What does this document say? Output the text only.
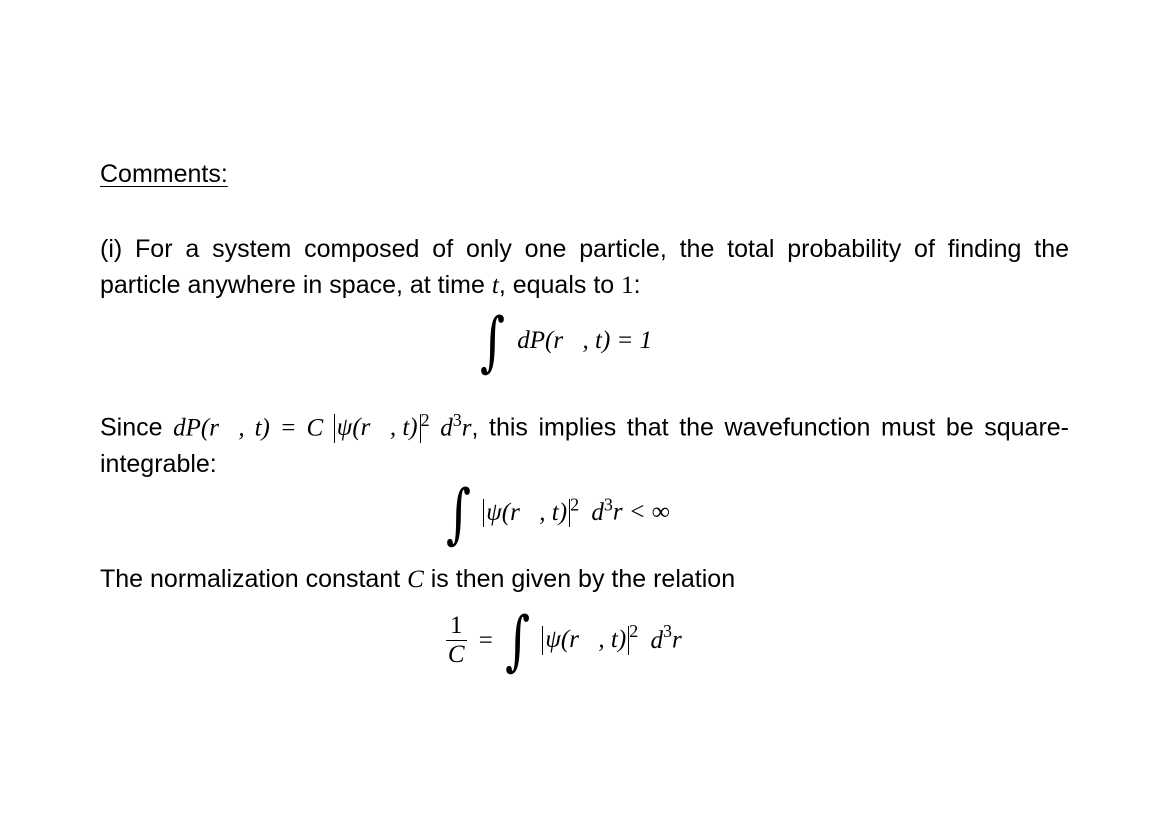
Comments:
(i) For a system composed of only one particle, the total probability of finding the
particle anywhere in space, at time t, equals to 1:
∫ dP(r⃗, t) = 1
Since dP(r⃗, t) = C ψ(r⃗, t) $^2$ $d^3r$, this implies that the wavefunction must be square-
integrable:
∫ ψ(r⃗, t) $^2$ $d^3r$ < ∞
The normalization constant C is then given by the relation
$\frac{1}{C}$ = ∫ ψ(r⃗, t) $^2$ $d^3r$
